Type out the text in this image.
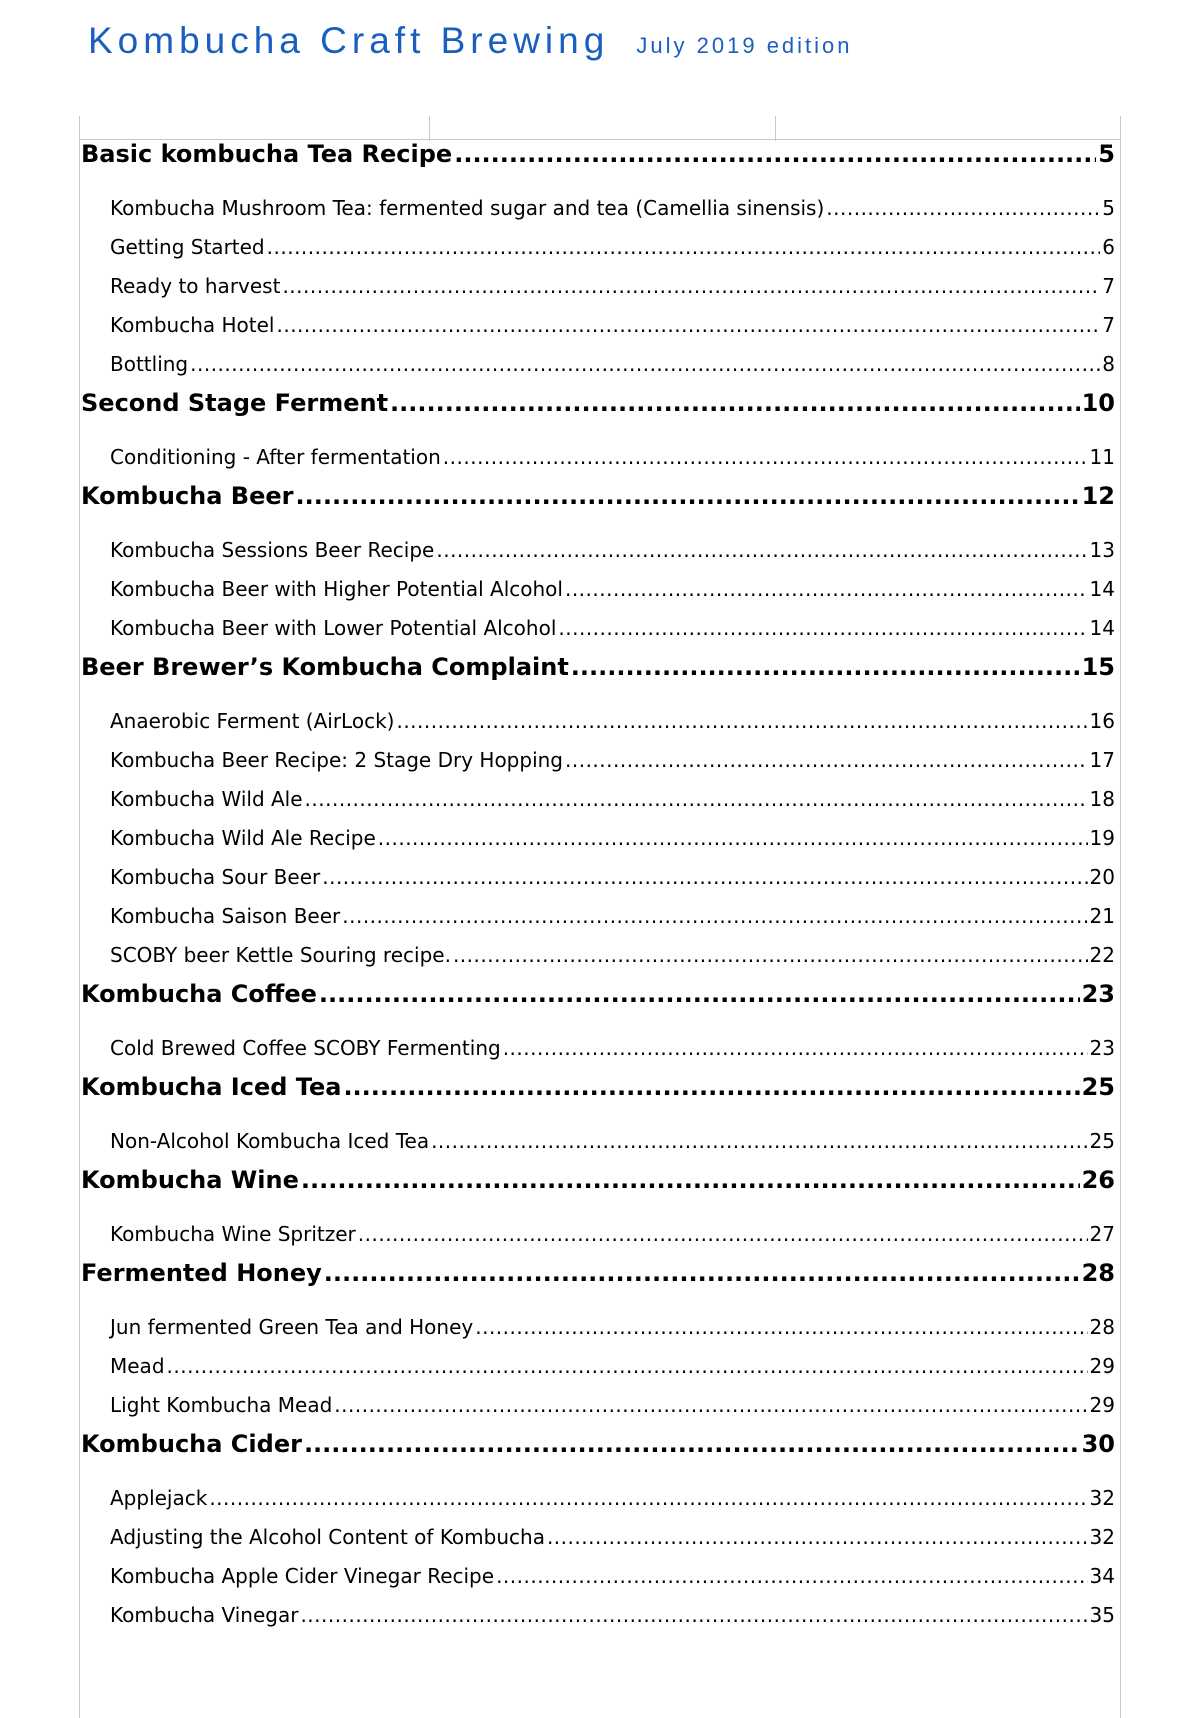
Kombucha Craft Brewing July 2019 edition
Basic kombucha Tea Recipe .....	5
Kombucha Mushroom Tea: fermented sugar and tea (Camellia sinensis) .....	5
Getting Started .....	6
Ready to harvest .....	7
Kombucha Hotel .....	7
Bottling .....	8
Second Stage Ferment .....	10
Conditioning - After fermentation .....	11
Kombucha Beer .....	12
Kombucha Sessions Beer Recipe .....	13
Kombucha Beer with Higher Potential Alcohol .....	14
Kombucha Beer with Lower Potential Alcohol .....	14
Beer Brewer’s Kombucha Complaint .....	15
Anaerobic Ferment (AirLock) .....	16
Kombucha Beer Recipe: 2 Stage Dry Hopping .....	17
Kombucha Wild Ale .....	18
Kombucha Wild Ale Recipe .....	19
Kombucha Sour Beer .....	20
Kombucha Saison Beer .....	21
SCOBY beer Kettle Souring recipe. .....	22
Kombucha Coffee .....	23
Cold Brewed Coffee SCOBY Fermenting .....	23
Kombucha Iced Tea .....	25
Non-Alcohol Kombucha Iced Tea .....	25
Kombucha Wine .....	26
Kombucha Wine Spritzer .....	27
Fermented Honey .....	28
Jun fermented Green Tea and Honey .....	28
Mead .....	29
Light Kombucha Mead .....	29
Kombucha Cider .....	30
Applejack .....	32
Adjusting the Alcohol Content of Kombucha .....	32
Kombucha Apple Cider Vinegar Recipe .....	34
Kombucha Vinegar .....	35
